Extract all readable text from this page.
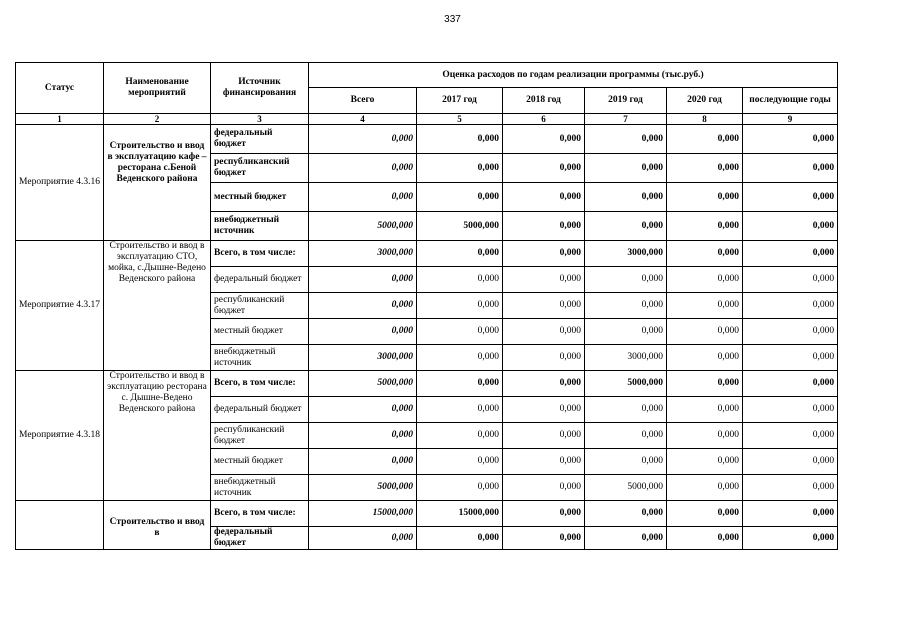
337
Статус	Наименование мероприятий	Источник финансирования	Оценка расходов по годам реализации программы (тыс.руб.)					
			Всего	2017 год	2018 год	2019 год	2020 год	последующие годы
1	2	3	4	5	6	7	8	9
Мероприятие 4.3.16	Строительство и ввод в эксплуатацию кафе – ресторана с.Беной Веденского района	федеральный бюджет	0,000	0,000	0,000	0,000	0,000	0,000
		республиканский бюджет	0,000	0,000	0,000	0,000	0,000	0,000
		местный бюджет	0,000	0,000	0,000	0,000	0,000	0,000
		внебюджетный источник	5000,000	5000,000	0,000	0,000	0,000	0,000
Мероприятие 4.3.17	Строительство и ввод в эксплуатацию СТО, мойка, с.Дышне-Ведено Веденского района	Всего, в том числе:	3000,000	0,000	0,000	3000,000	0,000	0,000
		федеральный бюджет	0,000	0,000	0,000	0,000	0,000	0,000
		республиканский бюджет	0,000	0,000	0,000	0,000	0,000	0,000
		местный бюджет	0,000	0,000	0,000	0,000	0,000	0,000
		внебюджетный источник	3000,000	0,000	0,000	3000,000	0,000	0,000
Мероприятие 4.3.18	Строительство и ввод в эксплуатацию ресторана с. Дышне-Ведено Веденского района	Всего, в том числе:	5000,000	0,000	0,000	5000,000	0,000	0,000
		федеральный бюджет	0,000	0,000	0,000	0,000	0,000	0,000
		республиканский бюджет	0,000	0,000	0,000	0,000	0,000	0,000
		местный бюджет	0,000	0,000	0,000	0,000	0,000	0,000
		внебюджетный источник	5000,000	0,000	0,000	5000,000	0,000	0,000
	Строительство и ввод в	Всего, в том числе:	15000,000	15000,000	0,000	0,000	0,000	0,000
		федеральный бюджет	0,000	0,000	0,000	0,000	0,000	0,000
